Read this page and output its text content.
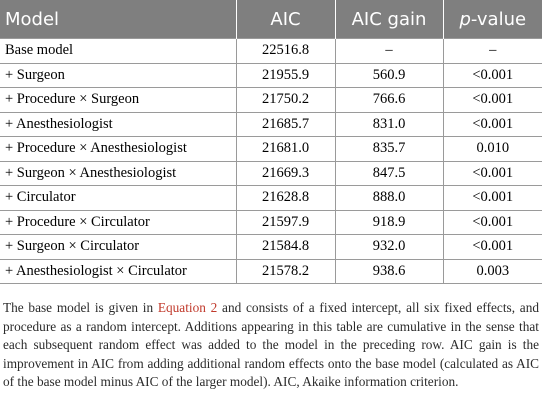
Model	AIC	AIC gain	p-value
Base model	22516.8	–	–
+ Surgeon	21955.9	560.9	<0.001
+ Procedure × Surgeon	21750.2	766.6	<0.001
+ Anesthesiologist	21685.7	831.0	<0.001
+ Procedure × Anesthesiologist	21681.0	835.7	0.010
+ Surgeon × Anesthesiologist	21669.3	847.5	<0.001
+ Circulator	21628.8	888.0	<0.001
+ Procedure × Circulator	21597.9	918.9	<0.001
+ Surgeon × Circulator	21584.8	932.0	<0.001
+ Anesthesiologist × Circulator	21578.2	938.6	0.003

The base model is given in Equation 2 and consists of a fixed intercept, all six fixed effects, and procedure as a random intercept. Additions appearing in this table are cumulative in the sense that each subsequent random effect was added to the model in the preceding row. AIC gain is the improvement in AIC from adding additional random effects onto the base model (calculated as AIC of the base model minus AIC of the larger model). AIC, Akaike information criterion.
